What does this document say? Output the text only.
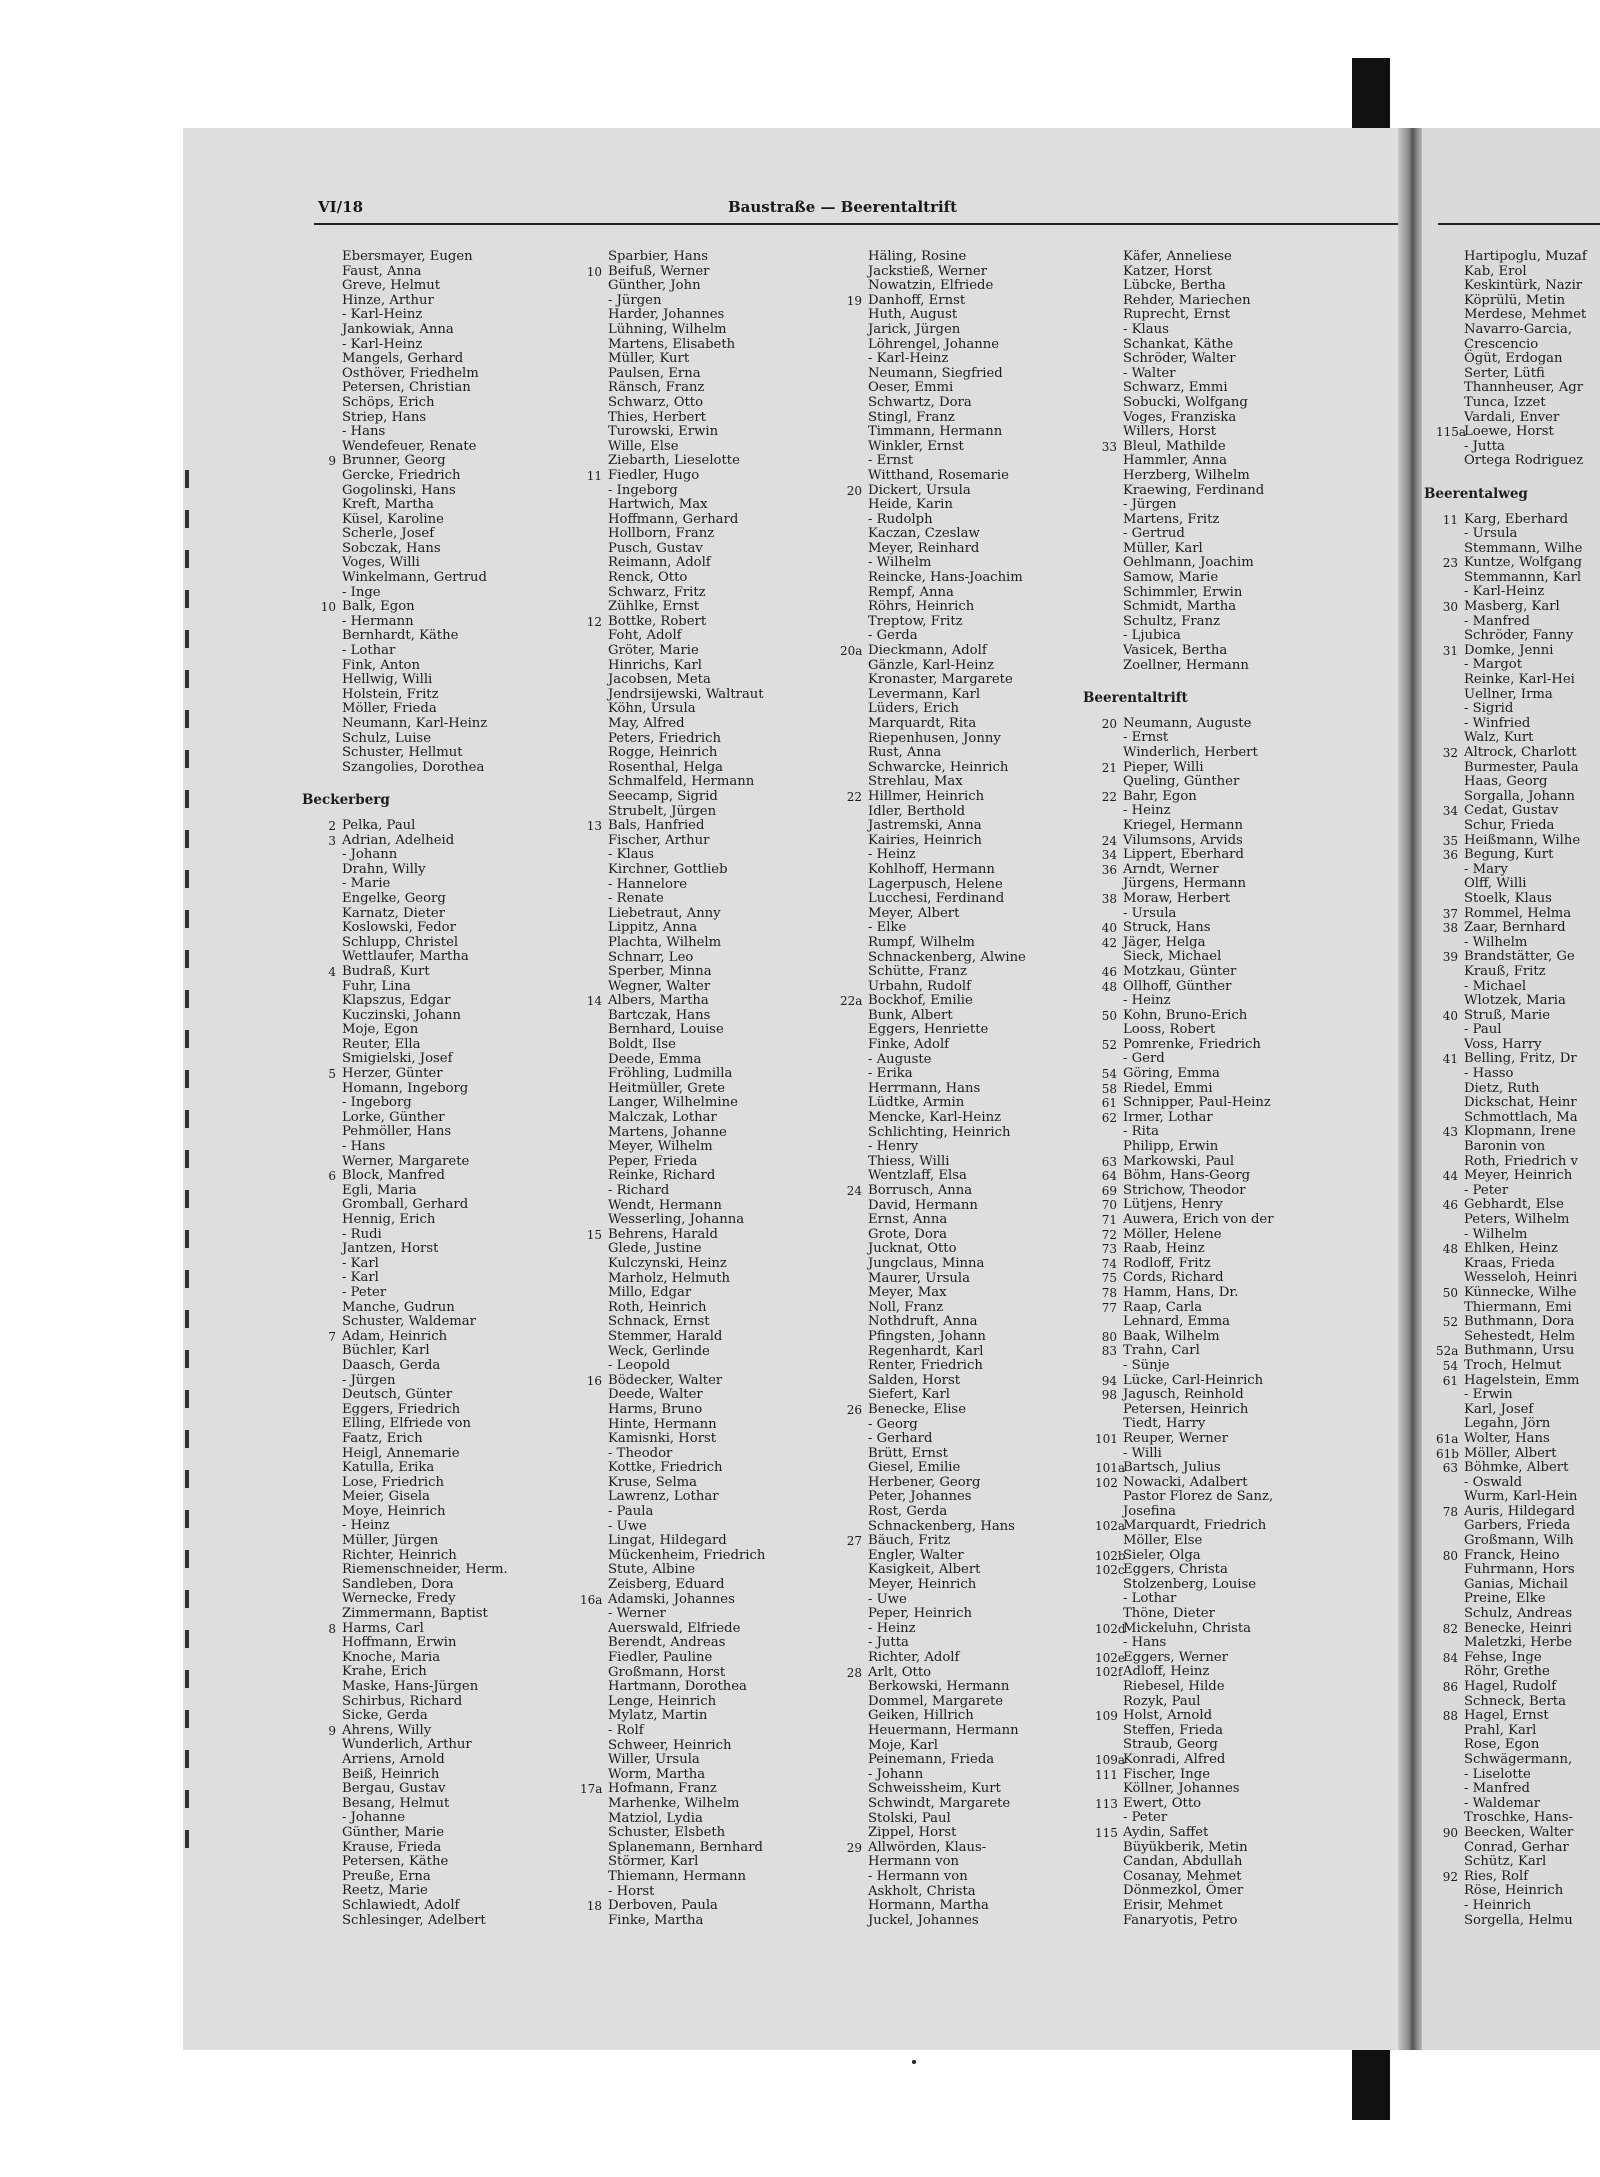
VI/18	Baustraße — Beerentaltrift
Ebersmayer, Eugen
Faust, Anna
Greve, Helmut
Hinze, Arthur
- Karl-Heinz
Jankowiak, Anna
- Karl-Heinz
Mangels, Gerhard
Osthöver, Friedhelm
Petersen, Christian
Schöps, Erich
Striep, Hans
- Hans
Wendefeuer, Renate
9 Brunner, Georg
Gercke, Friedrich
Gogolinski, Hans
Kreft, Martha
Küsel, Karoline
Scherle, Josef
Sobczak, Hans
Voges, Willi
Winkelmann, Gertrud
- Inge
10 Balk, Egon
- Hermann
Bernhardt, Käthe
- Lothar
Fink, Anton
Hellwig, Willi
Holstein, Fritz
Möller, Frieda
Neumann, Karl-Heinz
Schulz, Luise
Schuster, Hellmut
Szangolies, Dorothea
Beckerberg
2 Pelka, Paul
3 Adrian, Adelheid
- Johann
Drahn, Willy
- Marie
Engelke, Georg
Karnatz, Dieter
Koslowski, Fedor
Schlupp, Christel
Wettlaufer, Martha
4 Budraß, Kurt
Fuhr, Lina
Klapszus, Edgar
Kuczinski, Johann
Moje, Egon
Reuter, Ella
Smigielski, Josef
5 Herzer, Günter
Homann, Ingeborg
- Ingeborg
Lorke, Günther
Pehmöller, Hans
- Hans
Werner, Margarete
6 Block, Manfred
Egli, Maria
Gromball, Gerhard
Hennig, Erich
- Rudi
Jantzen, Horst
- Karl
- Karl
- Peter
Manche, Gudrun
Schuster, Waldemar
7 Adam, Heinrich
Büchler, Karl
Daasch, Gerda
- Jürgen
Deutsch, Günter
Eggers, Friedrich
Elling, Elfriede von
Faatz, Erich
Heigl, Annemarie
Katulla, Erika
Lose, Friedrich
Meier, Gisela
Moye, Heinrich
- Heinz
Müller, Jürgen
Richter, Heinrich
Riemenschneider, Herm.
Sandleben, Dora
Wernecke, Fredy
Zimmermann, Baptist
8 Harms, Carl
Hoffmann, Erwin
Knoche, Maria
Krahe, Erich
Maske, Hans-Jürgen
Schirbus, Richard
Sicke, Gerda
9 Ahrens, Willy
Wunderlich, Arthur
Arriens, Arnold
Beiß, Heinrich
Bergau, Gustav
Besang, Helmut
- Johanne
Günther, Marie
Krause, Frieda
Petersen, Käthe
Preuße, Erna
Reetz, Marie
Schlawiedt, Adolf
Schlesinger, Adelbert
Sparbier, Hans
10 Beifuß, Werner
Günther, John
- Jürgen
Harder, Johannes
Lühning, Wilhelm
Martens, Elisabeth
Müller, Kurt
Paulsen, Erna
Ränsch, Franz
Schwarz, Otto
Thies, Herbert
Turowski, Erwin
Wille, Else
Ziebarth, Lieselotte
11 Fiedler, Hugo
- Ingeborg
Hartwich, Max
Hoffmann, Gerhard
Hollborn, Franz
Pusch, Gustav
Reimann, Adolf
Renck, Otto
Schwarz, Fritz
Zühlke, Ernst
12 Bottke, Robert
Foht, Adolf
Gröter, Marie
Hinrichs, Karl
Jacobsen, Meta
Jendrsijewski, Waltraut
Köhn, Ursula
May, Alfred
Peters, Friedrich
Rogge, Heinrich
Rosenthal, Helga
Schmalfeld, Hermann
Seecamp, Sigrid
Strubelt, Jürgen
13 Bals, Hanfried
Fischer, Arthur
- Klaus
Kirchner, Gottlieb
- Hannelore
- Renate
Liebetraut, Anny
Lippitz, Anna
Plachta, Wilhelm
Schnarr, Leo
Sperber, Minna
Wegner, Walter
14 Albers, Martha
Bartczak, Hans
Bernhard, Louise
Boldt, Ilse
Deede, Emma
Fröhling, Ludmilla
Heitmüller, Grete
Langer, Wilhelmine
Malczak, Lothar
Martens, Johanne
Meyer, Wilhelm
Peper, Frieda
Reinke, Richard
- Richard
Wendt, Hermann
Wesserling, Johanna
15 Behrens, Harald
Glede, Justine
Kulczynski, Heinz
Marholz, Helmuth
Millo, Edgar
Roth, Heinrich
Schnack, Ernst
Stemmer, Harald
Weck, Gerlinde
- Leopold
16 Bödecker, Walter
Deede, Walter
Harms, Bruno
Hinte, Hermann
Kamisnki, Horst
- Theodor
Kottke, Friedrich
Kruse, Selma
Lawrenz, Lothar
- Paula
- Uwe
Lingat, Hildegard
Mückenheim, Friedrich
Stute, Albine
Zeisberg, Eduard
16a Adamski, Johannes
- Werner
Auerswald, Elfriede
Berendt, Andreas
Fiedler, Pauline
Großmann, Horst
Hartmann, Dorothea
Lenge, Heinrich
Mylatz, Martin
- Rolf
Schweer, Heinrich
Willer, Ursula
Worm, Martha
17a Hofmann, Franz
Marhenke, Wilhelm
Matziol, Lydia
Schuster, Elsbeth
Splanemann, Bernhard
Störmer, Karl
Thiemann, Hermann
- Horst
18 Derboven, Paula
Finke, Martha
Häling, Rosine
Jackstieß, Werner
Nowatzin, Elfriede
19 Danhoff, Ernst
Huth, August
Jarick, Jürgen
Löhrengel, Johanne
- Karl-Heinz
Neumann, Siegfried
Oeser, Emmi
Schwartz, Dora
Stingl, Franz
Timmann, Hermann
Winkler, Ernst
- Ernst
Witthand, Rosemarie
20 Dickert, Ursula
Heide, Karin
- Rudolph
Kaczan, Czeslaw
Meyer, Reinhard
- Wilhelm
Reincke, Hans-Joachim
Rempf, Anna
Röhrs, Heinrich
Treptow, Fritz
- Gerda
20a Dieckmann, Adolf
Gänzle, Karl-Heinz
Kronaster, Margarete
Levermann, Karl
Lüders, Erich
Marquardt, Rita
Riepenhusen, Jonny
Rust, Anna
Schwarcke, Heinrich
Strehlau, Max
22 Hillmer, Heinrich
Idler, Berthold
Jastremski, Anna
Kairies, Heinrich
- Heinz
Kohlhoff, Hermann
Lagerpusch, Helene
Lucchesi, Ferdinand
Meyer, Albert
- Elke
Rumpf, Wilhelm
Schnackenberg, Alwine
Schütte, Franz
Urbahn, Rudolf
22a Bockhof, Emilie
Bunk, Albert
Eggers, Henriette
Finke, Adolf
- Auguste
- Erika
Herrmann, Hans
Lüdtke, Armin
Mencke, Karl-Heinz
Schlichting, Heinrich
- Henry
Thiess, Willi
Wentzlaff, Elsa
24 Borrusch, Anna
David, Hermann
Ernst, Anna
Grote, Dora
Jucknat, Otto
Jungclaus, Minna
Maurer, Ursula
Meyer, Max
Noll, Franz
Nothdruft, Anna
Pfingsten, Johann
Regenhardt, Karl
Renter, Friedrich
Salden, Horst
Siefert, Karl
26 Benecke, Elise
- Georg
- Gerhard
Brütt, Ernst
Giesel, Emilie
Herbener, Georg
Peter, Johannes
Rost, Gerda
Schnackenberg, Hans
27 Bäuch, Fritz
Engler, Walter
Kasigkeit, Albert
Meyer, Heinrich
- Uwe
Peper, Heinrich
- Heinz
- Jutta
Richter, Adolf
28 Arlt, Otto
Berkowski, Hermann
Dommel, Margarete
Geiken, Hillrich
Heuermann, Hermann
Moje, Karl
Peinemann, Frieda
- Johann
Schweissheim, Kurt
Schwindt, Margarete
Stolski, Paul
Zippel, Horst
29 Allwörden, Klaus-
Hermann von
- Hermann von
Askholt, Christa
Hormann, Martha
Juckel, Johannes
Käfer, Anneliese
Katzer, Horst
Lübcke, Bertha
Rehder, Mariechen
Ruprecht, Ernst
- Klaus
Schankat, Käthe
Schröder, Walter
- Walter
Schwarz, Emmi
Sobucki, Wolfgang
Voges, Franziska
Willers, Horst
33 Bleul, Mathilde
Hammler, Anna
Herzberg, Wilhelm
Kraewing, Ferdinand
- Jürgen
Martens, Fritz
- Gertrud
Müller, Karl
Oehlmann, Joachim
Samow, Marie
Schimmler, Erwin
Schmidt, Martha
Schultz, Franz
- Ljubica
Vasicek, Bertha
Zoellner, Hermann
Beerentaltrift
20 Neumann, Auguste
- Ernst
Winderlich, Herbert
21 Pieper, Willi
Queling, Günther
22 Bahr, Egon
- Heinz
Kriegel, Hermann
24 Vilumsons, Arvids
34 Lippert, Eberhard
36 Arndt, Werner
Jürgens, Hermann
38 Moraw, Herbert
- Ursula
40 Struck, Hans
42 Jäger, Helga
Sieck, Michael
46 Motzkau, Günter
48 Ollhoff, Günther
- Heinz
50 Kohn, Bruno-Erich
Looss, Robert
52 Pomrenke, Friedrich
- Gerd
54 Göring, Emma
58 Riedel, Emmi
61 Schnipper, Paul-Heinz
62 Irmer, Lothar
- Rita
Philipp, Erwin
63 Markowski, Paul
64 Böhm, Hans-Georg
69 Strichow, Theodor
70 Lütjens, Henry
71 Auwera, Erich von der
72 Möller, Helene
73 Raab, Heinz
74 Rodloff, Fritz
75 Cords, Richard
78 Hamm, Hans, Dr.
77 Raap, Carla
Lehnard, Emma
80 Baak, Wilhelm
83 Trahn, Carl
- Sünje
94 Lücke, Carl-Heinrich
98 Jagusch, Reinhold
Petersen, Heinrich
Tiedt, Harry
101 Reuper, Werner
- Willi
101a
Bartsch, Julius
102 Nowacki, Adalbert
Pastor Florez de Sanz,
Josefina
102a
Marquardt, Friedrich
Möller, Else
102b
Sieler, Olga
102c
Eggers, Christa
Stolzenberg, Louise
- Lothar
Thöne, Dieter
102d
Mickeluhn, Christa
- Hans
102e
Eggers, Werner
102f Adloff, Heinz
Riebesel, Hilde
Rozyk, Paul
109 Holst, Arnold
Steffen, Frieda
Straub, Georg
109a
Konradi, Alfred
111 Fischer, Inge
Köllner, Johannes
113 Ewert, Otto
- Peter
115 Aydin, Saffet
Büyükberik, Metin
Candan, Abdullah
Cosanay, Mehmet
Dönmezkol, Ömer
Erisir, Mehmet
Fanaryotis, Petro
Hartipoglu, Muzaf
Kab, Erol
Keskintürk, Nazir
Köprülü, Metin
Merdese, Mehmet
Navarro-Garcia,
Crescencio
Ögüt, Erdogan
Serter, Lütfi
Thannheuser, Agr
Tunca, Izzet
Vardali, Enver
115a
Loewe, Horst
- Jutta
Ortega Rodriguez
Beerentalweg
11 Karg, Eberhard
- Ursula
Stemmann, Wilhe
23 Kuntze, Wolfgang
Stemmannn, Karl
- Karl-Heinz
30 Masberg, Karl
- Manfred
Schröder, Fanny
31 Domke, Jenni
- Margot
Reinke, Karl-Hei
Uellner, Irma
- Sigrid
- Winfried
Walz, Kurt
32 Altrock, Charlott
Burmester, Paula
Haas, Georg
Sorgalla, Johann
34 Cedat, Gustav
Schur, Frieda
35 Heißmann, Wilhe
36 Begung, Kurt
- Mary
Olff, Willi
Stoelk, Klaus
37 Rommel, Helma
38 Zaar, Bernhard
- Wilhelm
39 Brandstätter, Ge
Krauß, Fritz
- Michael
Wlotzek, Maria
40 Struß, Marie
- Paul
Voss, Harry
41 Belling, Fritz, Dr
- Hasso
Dietz, Ruth
Dickschat, Heinr
Schmottlach, Ma
43 Klopmann, Irene
Baronin von
Roth, Friedrich v
44 Meyer, Heinrich
- Peter
46 Gebhardt, Else
Peters, Wilhelm
- Wilhelm
48 Ehlken, Heinz
Kraas, Frieda
Wesseloh, Heinri
50 Künnecke, Wilhe
Thiermann, Emi
52 Buthmann, Dora
Sehestedt, Helm
52a Buthmann, Ursu
54 Troch, Helmut
61 Hagelstein, Emm
- Erwin
Karl, Josef
Legahn, Jörn
61a Wolter, Hans
61b Möller, Albert
63 Böhmke, Albert
- Oswald
Wurm, Karl-Hein
78 Auris, Hildegard
Garbers, Frieda
Großmann, Wilh
80 Franck, Heino
Fuhrmann, Hors
Ganias, Michail
Preine, Elke
Schulz, Andreas
82 Benecke, Heinri
Maletzki, Herbe
84 Fehse, Inge
Röhr, Grethe
86 Hagel, Rudolf
Schneck, Berta
88 Hagel, Ernst
Prahl, Karl
Rose, Egon
Schwägermann,
- Liselotte
- Manfred
- Waldemar
Troschke, Hans-
90 Beecken, Walter
Conrad, Gerhar
Schütz, Karl
92 Ries, Rolf
Röse, Heinrich
- Heinrich
Sorgella, Helmu
